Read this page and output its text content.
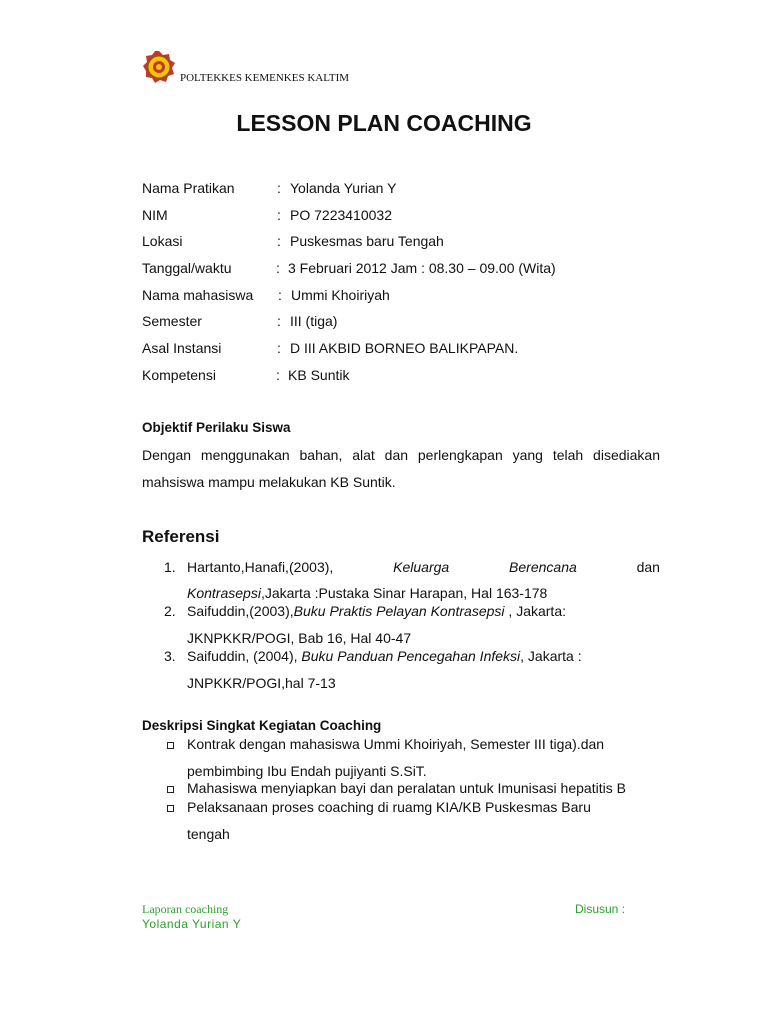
POLTEKKES KEMENKES KALTIM
LESSON PLAN COACHING
Nama Pratikan	: Yolanda Yurian Y
NIM	: PO 7223410032
Lokasi	: Puskesmas baru Tengah
Tanggal/waktu	: 3 Februari 2012 Jam : 08.30 – 09.00 (Wita)
Nama mahasiswa : Ummi Khoiriyah
Semester	: III (tiga)
Asal Instansi	: D III AKBID BORNEO BALIKPAPAN.
Kompetensi	: KB Suntik
Objektif Perilaku Siswa
Dengan menggunakan bahan, alat dan perlengkapan yang telah disediakan mahsiswa mampu melakukan KB Suntik.
Referensi
1. Hartanto,Hanafi,(2003),	Keluarga	Berencana	dan
Kontrasepsi,Jakarta :Pustaka Sinar Harapan, Hal 163-178
2. Saifuddin,(2003),Buku Praktis Pelayan Kontrasepsi , Jakarta:
JKNPKKR/POGI, Bab 16, Hal 40-47
3. Saifuddin, (2004), Buku Panduan Pencegahan Infeksi, Jakarta :
JNPKKR/POGI,hal 7-13
Deskripsi Singkat Kegiatan Coaching
Kontrak dengan mahasiswa Ummi Khoiriyah, Semester III tiga).dan
pembimbing Ibu Endah pujiyanti S.SiT.
Mahasiswa menyiapkan bayi dan peralatan untuk Imunisasi hepatitis B
Pelaksanaan proses coaching di ruamg KIA/KB Puskesmas Baru
tengah
Laporan coaching	Disusun :
Yolanda Yurian Y
